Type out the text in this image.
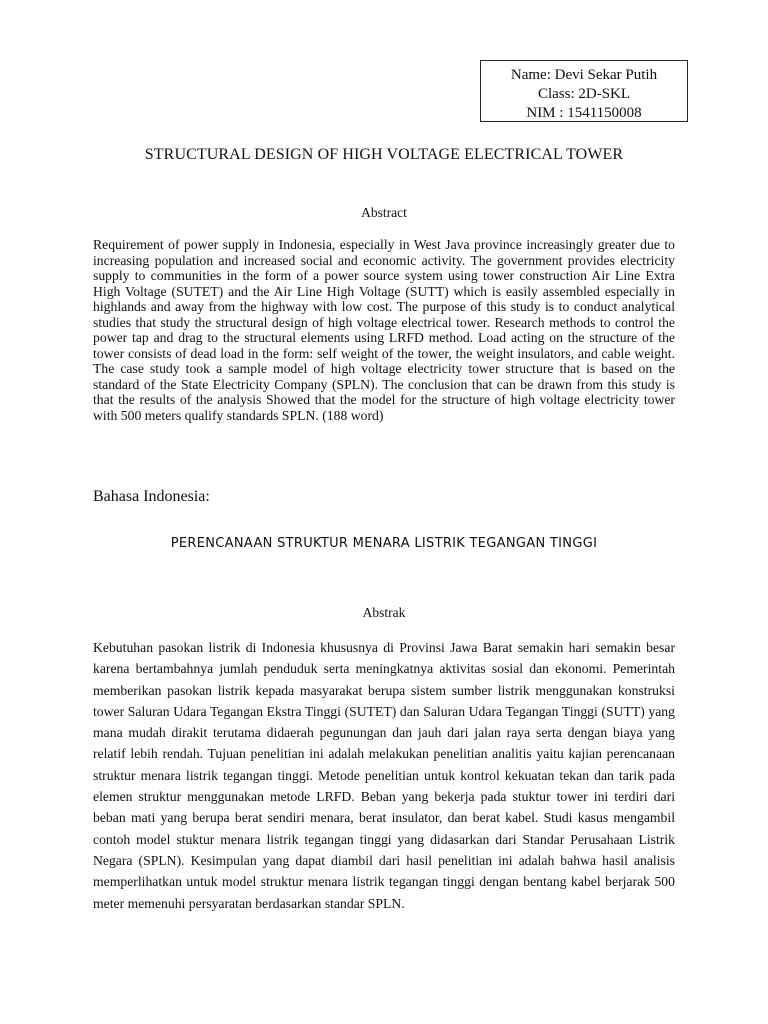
Name: Devi Sekar Putih
Class: 2D-SKL
NIM : 1541150008
STRUCTURAL DESIGN OF HIGH VOLTAGE ELECTRICAL TOWER
Abstract

Requirement of power supply in Indonesia, especially in West Java province increasingly greater due to increasing population and increased social and economic activity. The government provides electricity supply to communities in the form of a power source system using tower construction Air Line Extra High Voltage (SUTET) and the Air Line High Voltage (SUTT) which is easily assembled especially in highlands and away from the highway with low cost. The purpose of this study is to conduct analytical studies that study the structural design of high voltage electrical tower. Research methods to control the power tap and drag to the structural elements using LRFD method. Load acting on the structure of the tower consists of dead load in the form: self weight of the tower, the weight insulators, and cable weight. The case study took a sample model of high voltage electricity tower structure that is based on the standard of the State Electricity Company (SPLN). The conclusion that can be drawn from this study is that the results of the analysis Showed that the model for the structure of high voltage electricity tower with 500 meters qualify standards SPLN. (188 word)

Bahasa Indonesia:
PERENCANAAN STRUKTUR MENARA LISTRIK TEGANGAN TINGGI
Abstrak

Kebutuhan pasokan listrik di Indonesia khususnya di Provinsi Jawa Barat semakin hari semakin besar karena bertambahnya jumlah penduduk serta meningkatnya aktivitas sosial dan ekonomi. Pemerintah memberikan pasokan listrik kepada masyarakat berupa sistem sumber listrik menggunakan konstruksi tower Saluran Udara Tegangan Ekstra Tinggi (SUTET) dan Saluran Udara Tegangan Tinggi (SUTT) yang mana mudah dirakit terutama didaerah pegunungan dan jauh dari jalan raya serta dengan biaya yang relatif lebih rendah. Tujuan penelitian ini adalah melakukan penelitian analitis yaitu kajian perencanaan struktur menara listrik tegangan tinggi. Metode penelitian untuk kontrol kekuatan tekan dan tarik pada elemen struktur menggunakan metode LRFD. Beban yang bekerja pada stuktur tower ini terdiri dari beban mati yang berupa berat sendiri menara, berat insulator, dan berat kabel. Studi kasus mengambil contoh model stuktur menara listrik tegangan tinggi yang didasarkan dari Standar Perusahaan Listrik Negara (SPLN). Kesimpulan yang dapat diambil dari hasil penelitian ini adalah bahwa hasil analisis memperlihatkan untuk model struktur menara listrik tegangan tinggi dengan bentang kabel berjarak 500 meter memenuhi persyaratan berdasarkan standar SPLN.
